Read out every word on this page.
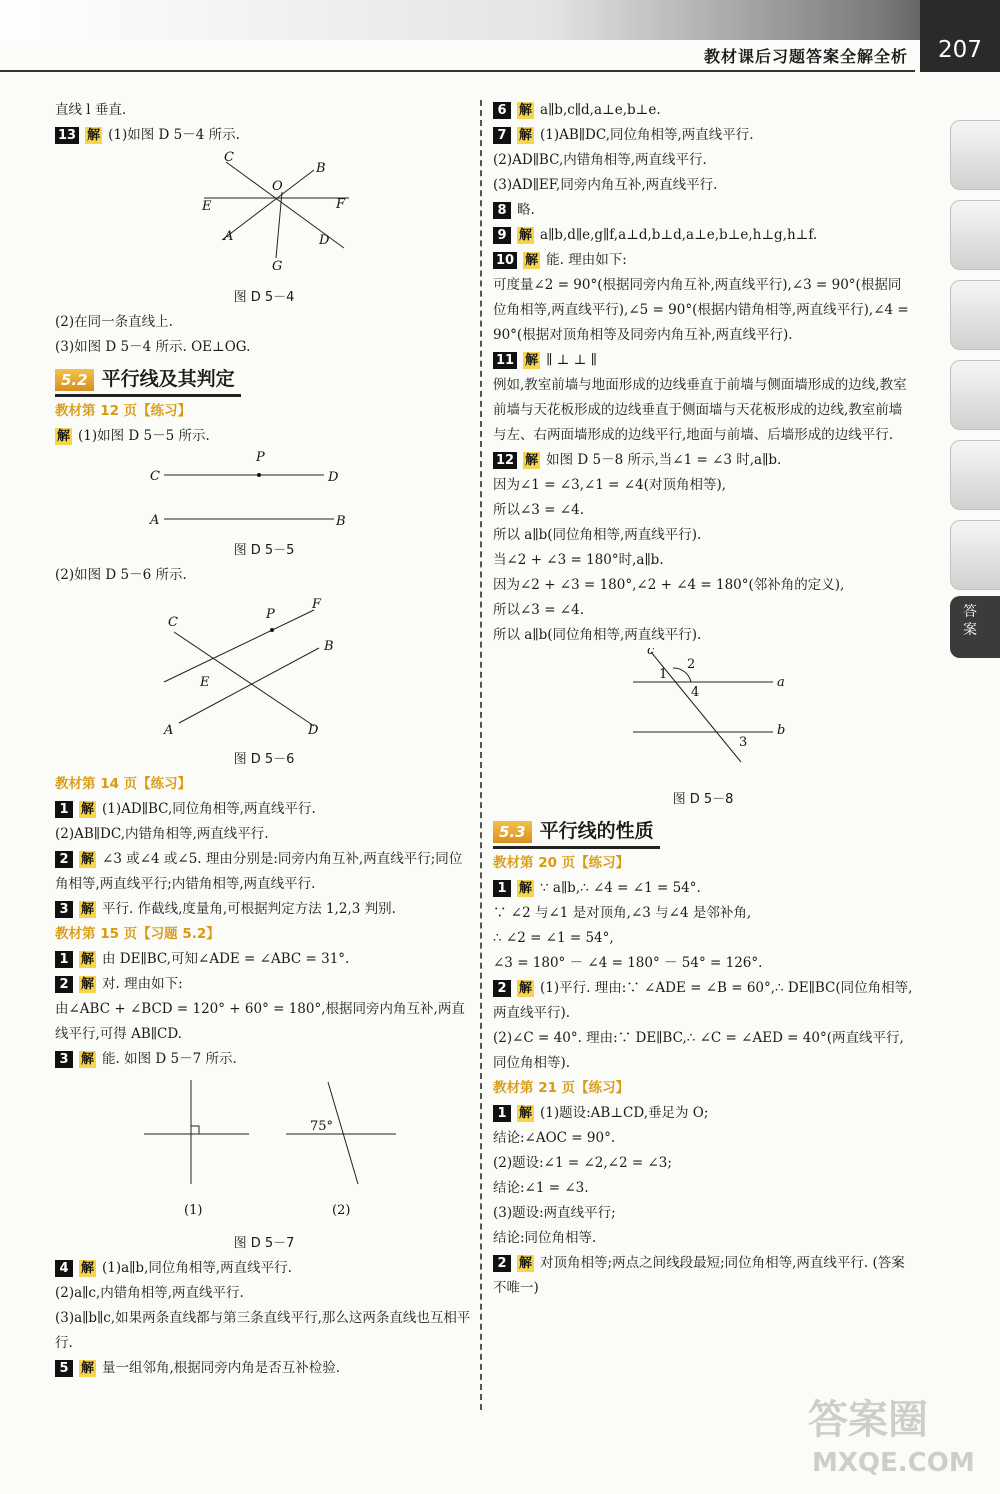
教材课后习题答案全解全析	207
答
案

直线 l 垂直.

13 解 (1)如图 D 5－4 所示.

C
B
E
O
F
A	D
G

图 D 5－4

(2)在同一条直线上.

(3)如图 D 5－4 所示. OE⊥OG.

5.2 平行线及其判定

教材第 12 页【练习】

解 (1)如图 D 5－5 所示.

P
C	D
A	B

图 D 5－5

(2)如图 D 5－6 所示.

P
F
C
B
E
A	D

图 D 5－6

教材第 14 页【练习】

1 解 (1)AD∥BC,同位角相等,两直线平行.

(2)AB∥DC,内错角相等,两直线平行.

2 解 ∠3 或∠4 或∠5. 理由分别是:同旁内角互补,两直线平行;同位角相等,两直线平行;内错角相等,两直线平行.

3 解 平行. 作截线,度量角,可根据判定方法 1,2,3 判别.

教材第 15 页【习题 5.2】

1 解 由 DE∥BC,可知∠ADE = ∠ABC = 31°.

2 解 对. 理由如下:

由∠ABC + ∠BCD = 120° + 60° = 180°,根据同旁内角互补,两直线平行,可得 AB∥CD.

3 解 能. 如图 D 5－7 所示.

75°
(1)	(2)

图 D 5－7

4 解 (1)a∥b,同位角相等,两直线平行.

(2)a∥c,内错角相等,两直线平行.

(3)a∥b∥c,如果两条直线都与第三条直线平行,那么这两条直线也互相平行.

5 解 量一组邻角,根据同旁内角是否互补检验.

6 解 a∥b,c∥d,a⊥e,b⊥e.

7 解 (1)AB∥DC,同位角相等,两直线平行.

(2)AD∥BC,内错角相等,两直线平行.

(3)AD∥EF,同旁内角互补,两直线平行.

8 略.

9 解 a∥b,d∥e,g∥f,a⊥d,b⊥d,a⊥e,b⊥e,h⊥g,h⊥f.

10 解 能. 理由如下:

可度量∠2 = 90°(根据同旁内角互补,两直线平行),∠3 = 90°(根据同位角相等,两直线平行),∠5 = 90°(根据内错角相等,两直线平行),∠4 = 90°(根据对顶角相等及同旁内角互补,两直线平行).

11 解 ∥ ⊥ ⊥ ∥

例如,教室前墙与地面形成的边线垂直于前墙与侧面墙形成的边线,教室前墙与天花板形成的边线垂直于侧面墙与天花板形成的边线,教室前墙与左、右两面墙形成的边线平行,地面与前墙、后墙形成的边线平行.

12 解 如图 D 5－8 所示,当∠1 = ∠3 时,a∥b.

因为∠1 = ∠3,∠1 = ∠4(对顶角相等),

所以∠3 = ∠4.

所以 a∥b(同位角相等,两直线平行).

当∠2 + ∠3 = 180°时,a∥b.

因为∠2 + ∠3 = 180°,∠2 + ∠4 = 180°(邻补角的定义),

所以∠3 = ∠4.

所以 a∥b(同位角相等,两直线平行).

c
1
2
4
a
b
3

图 D 5－8

5.3 平行线的性质

教材第 20 页【练习】

1 解 ∵ a∥b,∴ ∠4 = ∠1 = 54°.

∵ ∠2 与∠1 是对顶角,∠3 与∠4 是邻补角,

∴ ∠2 = ∠1 = 54°,

∠3 = 180° － ∠4 = 180° － 54° = 126°.

2 解 (1)平行. 理由:∵ ∠ADE = ∠B = 60°,∴ DE∥BC(同位角相等,两直线平行).

(2)∠C = 40°. 理由:∵ DE∥BC,∴ ∠C = ∠AED = 40°(两直线平行,同位角相等).

教材第 21 页【练习】

1 解 (1)题设:AB⊥CD,垂足为 O;

结论:∠AOC = 90°.

(2)题设:∠1 = ∠2,∠2 = ∠3;

结论:∠1 = ∠3.

(3)题设:两直线平行;

结论:同位角相等.

2 解 对顶角相等;两点之间线段最短;同位角相等,两直线平行. (答案不唯一)

答案圈
MXQE.COM
